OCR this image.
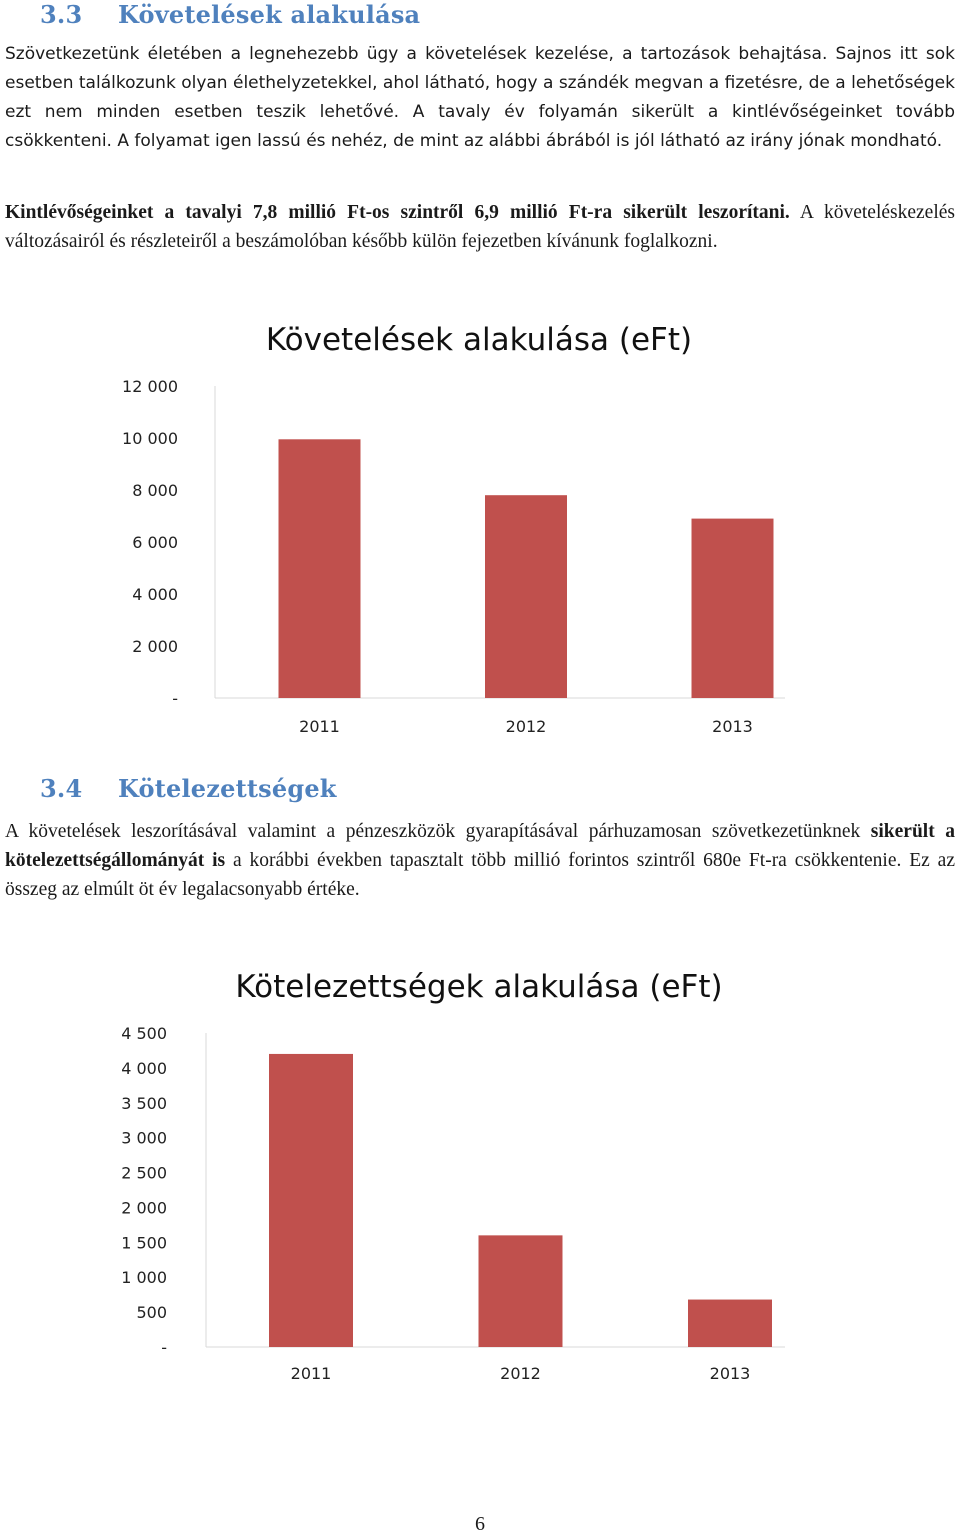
3.3 Követelések alakulása

Szövetkezetünk életében a legnehezebb ügy a követelések kezelése, a tartozások behajtása. Sajnos itt sok esetben találkozunk olyan élethelyzetekkel, ahol látható, hogy a szándék megvan a fizetésre, de a lehetőségek ezt nem minden esetben teszik lehetővé. A tavaly év folyamán sikerült a kintlévőségeinket tovább csökkenteni. A folyamat igen lassú és nehéz, de mint az alábbi ábrából is jól látható az irány jónak mondható.

Kintlévőségeinket a tavalyi 7,8 millió Ft-os szintről 6,9 millió Ft-ra sikerült leszorítani. A követeléskezelés változásairól és részleteiről a beszámolóban később külön fejezetben kívánunk foglalkozni.

Követelések alakulása (eFt)
-
2 000
4 000
6 000
8 000
10 000
12 000
2011	2012	2013
3.4 Kötelezettségek

A követelések leszorításával valamint a pénzeszközök gyarapításával párhuzamosan szövetkezetünknek sikerült a kötelezettségállományát is a korábbi években tapasztalt több millió forintos szintről 680e Ft-ra csökkentenie. Ez az összeg az elmúlt öt év legalacsonyabb értéke.

Kötelezettségek alakulása (eFt)
-
500
1 000
1 500
2 000
2 500
3 000
3 500
4 000
4 500
2011	2012	2013
6
